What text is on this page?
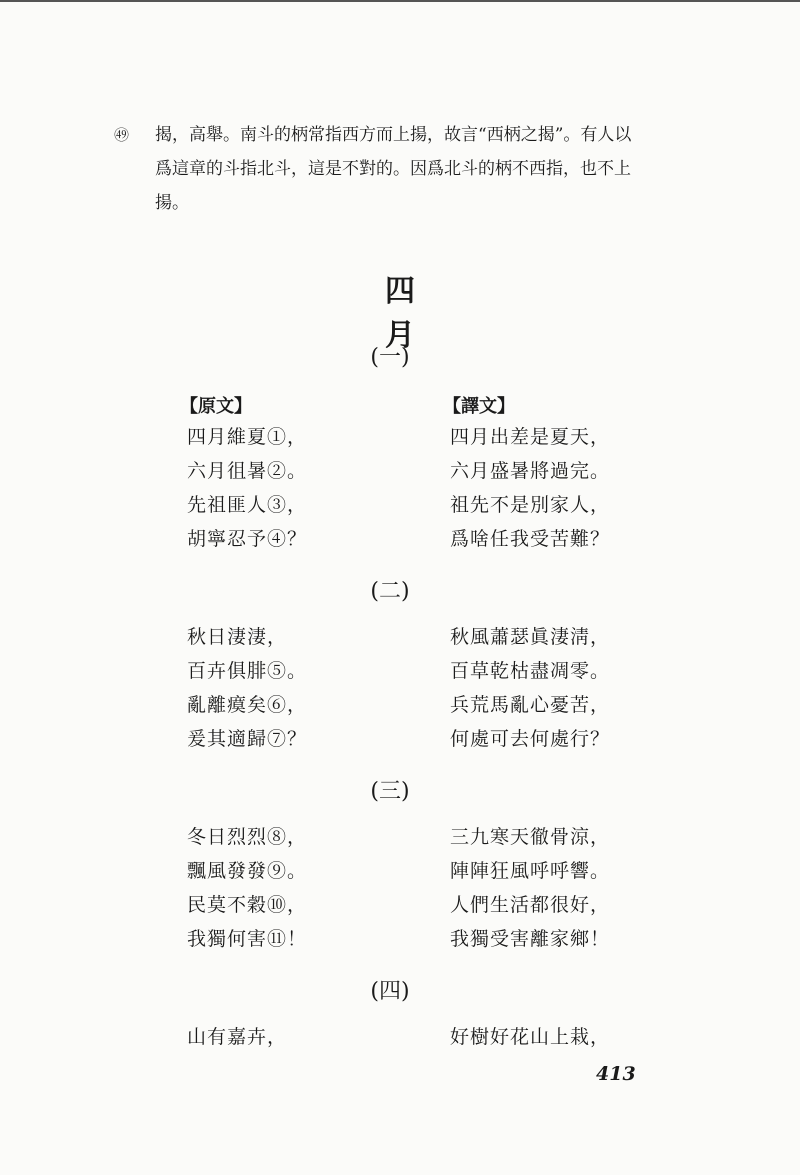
㊾ 揭，高舉。南斗的柄常指西方而上揚，故言“西柄之揭”。有人以
爲這章的斗指北斗，這是不對的。因爲北斗的柄不西指，也不上
揚。
四 月
(一)
【原文】	【譯文】
四月維夏①，
六月徂暑②。
先祖匪人③，
胡寧忍予④？
四月出差是夏天，
六月盛暑將過完。
祖先不是別家人，
爲啥任我受苦難？
(二)
秋日淒淒，
百卉俱腓⑤。
亂離瘼矣⑥，
爰其適歸⑦？
秋風蕭瑟眞淒淸，
百草乾枯盡凋零。
兵荒馬亂心憂苦，
何處可去何處行？
(三)
冬日烈烈⑧，
飄風發發⑨。
民莫不穀⑩，
我獨何害⑪！
三九寒天徹骨涼，
陣陣狂風呼呼響。
人們生活都很好，
我獨受害離家鄉！
(四)
山有嘉卉，	好樹好花山上栽，
413
